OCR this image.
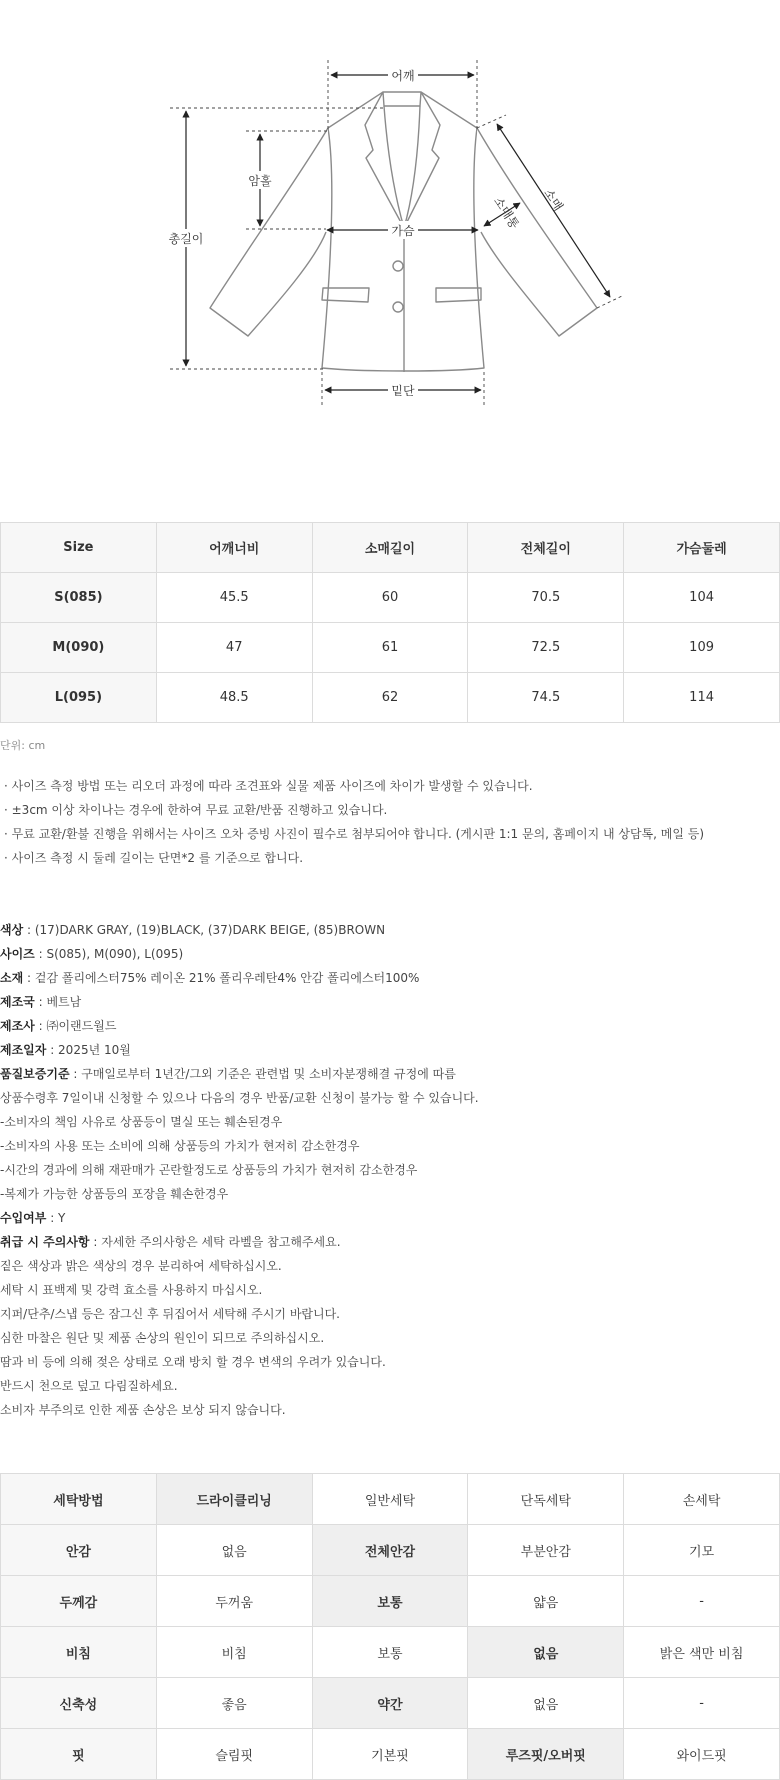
어깨
총길이
암홀
가슴
밑단
소매
소매통
Size	어깨너비	소매길이	전체길이	가슴둘레
S(085)	45.5	60	70.5	104
M(090)	47	61	72.5	109
L(095)	48.5	62	74.5	114
단위: cm
· 사이즈 측정 방법 또는 리오더 과정에 따라 조견표와 실물 제품 사이즈에 차이가 발생할 수 있습니다.
· ±3cm 이상 차이나는 경우에 한하여 무료 교환/반품 진행하고 있습니다.
· 무료 교환/환불 진행을 위해서는 사이즈 오차 증빙 사진이 필수로 첨부되어야 합니다. (게시판 1:1 문의, 홈페이지 내 상담톡, 메일 등)
· 사이즈 측정 시 둘레 길이는 단면*2 를 기준으로 합니다.
색상 : (17)DARK GRAY, (19)BLACK, (37)DARK BEIGE, (85)BROWN
사이즈 : S(085), M(090), L(095)
소재 : 겉감 폴리에스터75% 레이온 21% 폴리우레탄4% 안감 폴리에스터100%
제조국 : 베트남
제조사 : ㈜이랜드월드
제조일자 : 2025년 10월
품질보증기준 : 구매일로부터 1년간/그외 기준은 관련법 및 소비자분쟁해결 규정에 따름
상품수령후 7일이내 신청할 수 있으나 다음의 경우 반품/교환 신청이 불가능 할 수 있습니다.
-소비자의 책임 사유로 상품등이 멸실 또는 훼손된경우
-소비자의 사용 또는 소비에 의해 상품등의 가치가 현저히 감소한경우
-시간의 경과에 의해 재판매가 곤란할정도로 상품등의 가치가 현저히 감소한경우
-복제가 가능한 상품등의 포장을 훼손한경우
수입여부 : Y
취급 시 주의사항 : 자세한 주의사항은 세탁 라벨을 참고해주세요.
짙은 색상과 밝은 색상의 경우 분리하여 세탁하십시오.
세탁 시 표백제 및 강력 효소를 사용하지 마십시오.
지퍼/단추/스냅 등은 잠그신 후 뒤집어서 세탁해 주시기 바랍니다.
심한 마찰은 원단 및 제품 손상의 원인이 되므로 주의하십시오.
땀과 비 등에 의해 젖은 상태로 오래 방치 할 경우 변색의 우려가 있습니다.
반드시 천으로 덮고 다림질하세요.
소비자 부주의로 인한 제품 손상은 보상 되지 않습니다.
세탁방법	드라이클리닝	일반세탁	단독세탁	손세탁
안감	없음	전체안감	부분안감	기모
두께감	두꺼움	보통	얇음	-
비침	비침	보통	없음	밝은 색만 비침
신축성	좋음	약간	없음	-
핏	슬림핏	기본핏	루즈핏/오버핏	와이드핏
